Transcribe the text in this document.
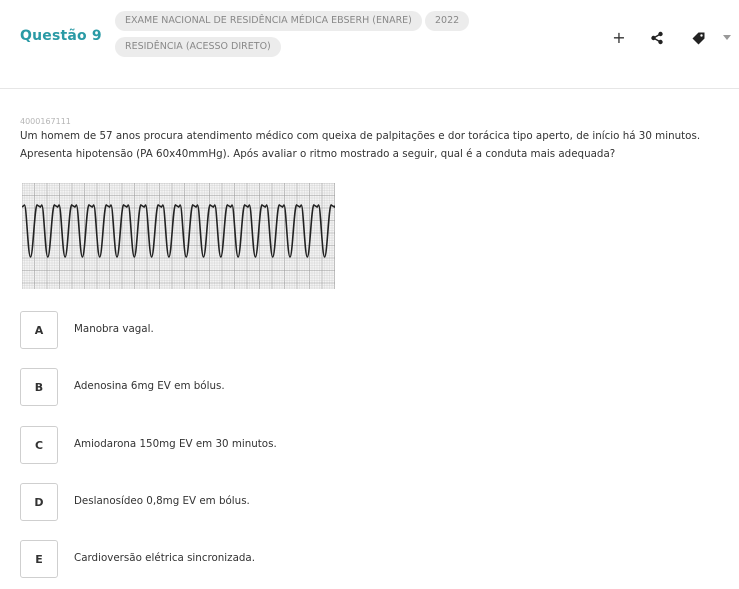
Questão 9
EXAME NACIONAL DE RESIDÊNCIA MÉDICA EBSERH (ENARE)	2022
RESIDÊNCIA (ACESSO DIRETO)	+
4000167111
Um homem de 57 anos procura atendimento médico com queixa de palpitações e dor torácica tipo aperto, de início há 30 minutos. Apresenta hipotensão (PA 60x40mmHg). Após avaliar o ritmo mostrado a seguir, qual é a conduta mais adequada?
A	Manobra vagal.
B	Adenosina 6mg EV em bólus.
C	Amiodarona 150mg EV em 30 minutos.
D	Deslanosídeo 0,8mg EV em bólus.
E	Cardioversão elétrica sincronizada.
